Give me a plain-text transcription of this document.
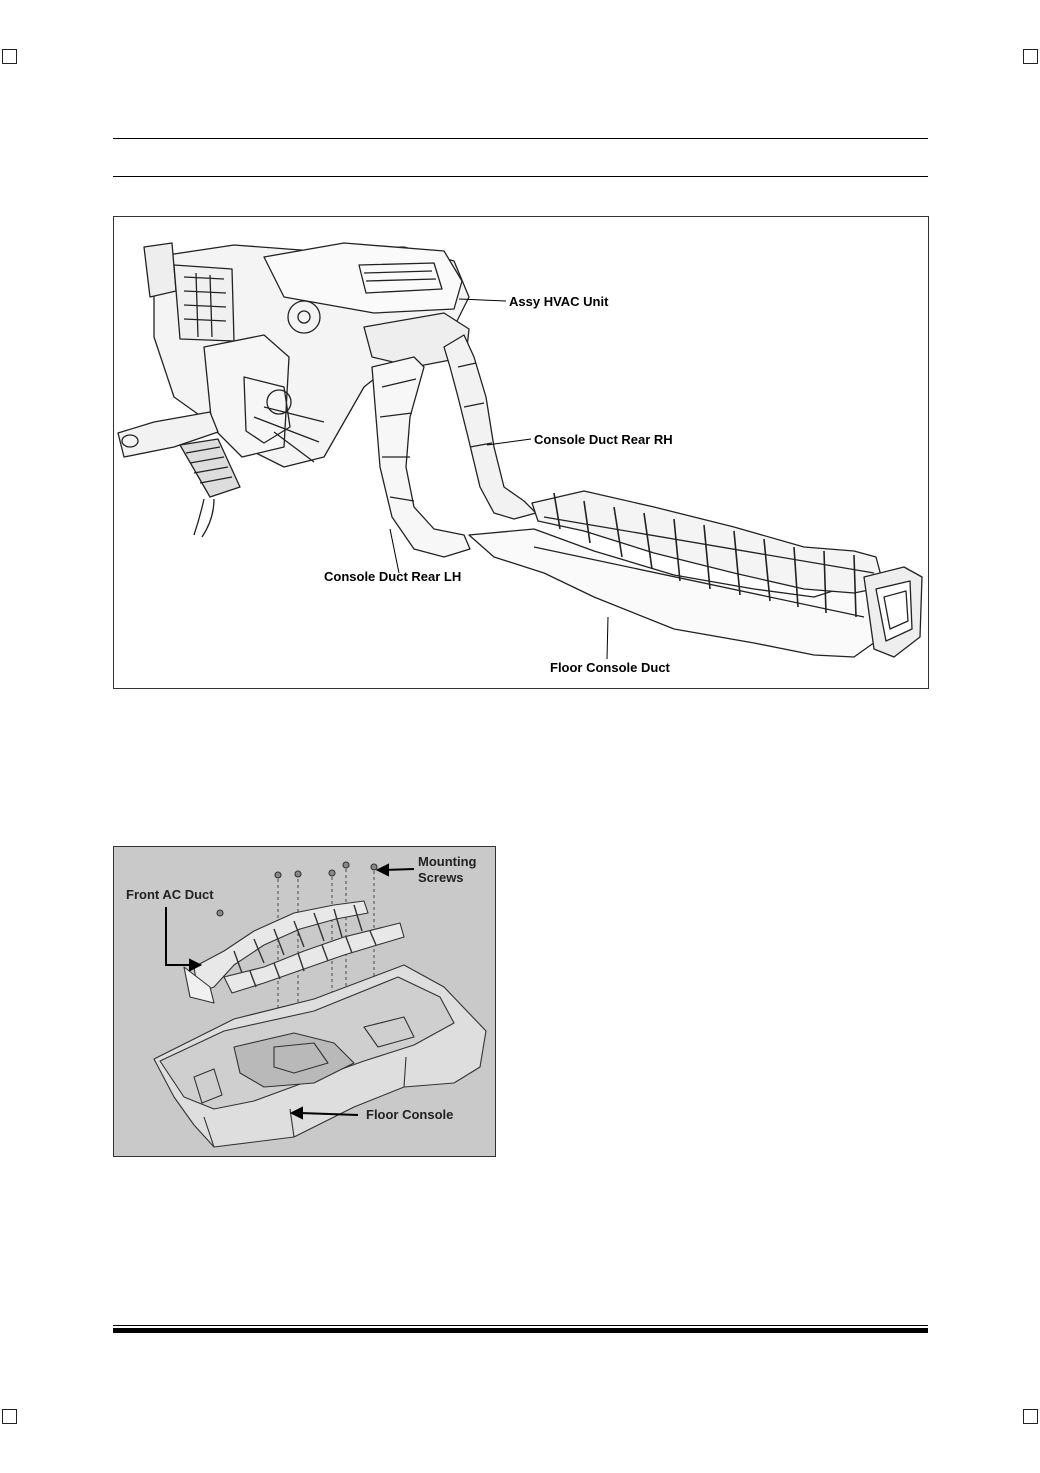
Assy HVAC Unit
Console Duct Rear RH
Console Duct Rear LH
Floor Console Duct
Mounting
Screws
Front AC Duct
Floor Console
